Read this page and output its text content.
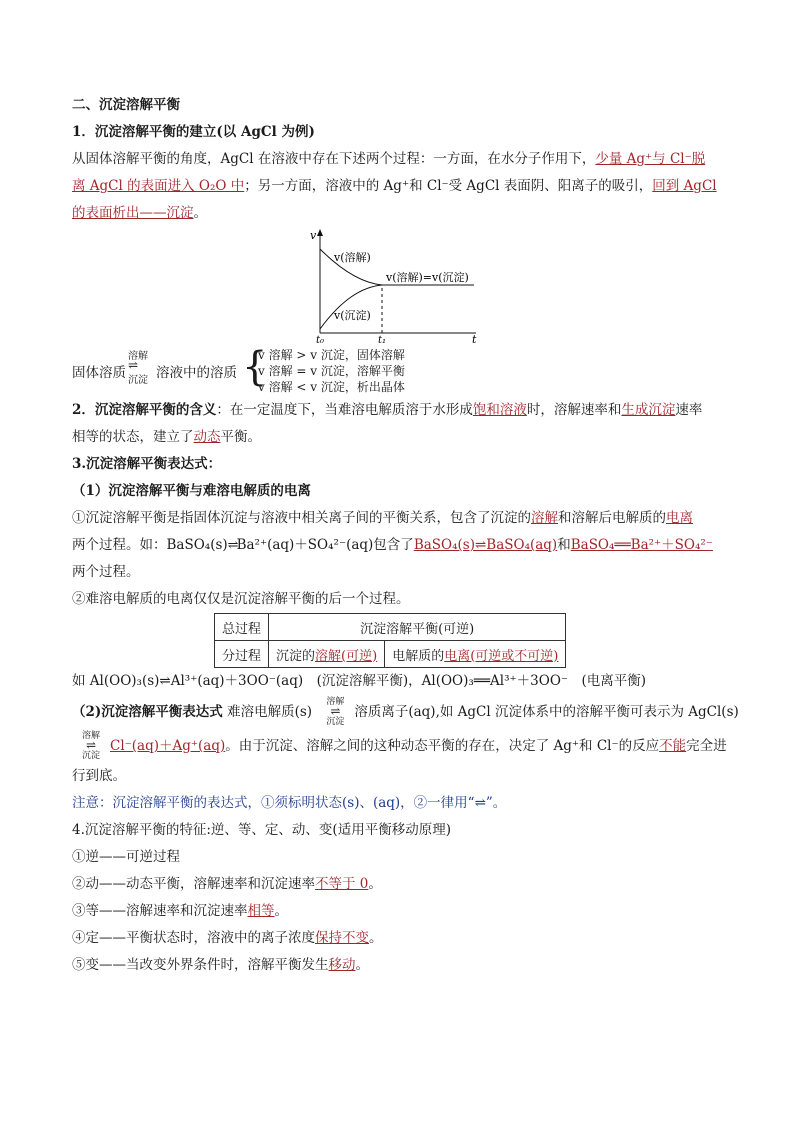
二、沉淀溶解平衡
1．沉淀溶解平衡的建立(以 AgCl 为例)
从固体溶解平衡的角度，AgCl 在溶液中存在下述两个过程：一方面，在水分子作用下，少量 Ag⁺与 Cl⁻脱
离 AgCl 的表面进入 O₂O 中；另一方面，溶液中的 Ag⁺和 Cl⁻受 AgCl 表面阴、阳离子的吸引，回到 AgCl
的表面析出——沉淀。
v
t
t₀	t₁
v(溶解)
v(沉淀)
v(溶解)=v(沉淀)
固体溶质
溶解
沉淀
⇌ 溶液中的溶质 {
v 溶解 > v 沉淀，固体溶解
v 溶解 = v 沉淀，溶解平衡
v 溶解 < v 沉淀，析出晶体
2．沉淀溶解平衡的含义：在一定温度下，当难溶电解质溶于水形成饱和溶液时，溶解速率和生成沉淀速率
相等的状态，建立了动态平衡。
3.沉淀溶解平衡表达式：
（1）沉淀溶解平衡与难溶电解质的电离
①沉淀溶解平衡是指固体沉淀与溶液中相关离子间的平衡关系，包含了沉淀的溶解和溶解后电解质的电离
两个过程。如：BaSO₄(s)⇌Ba²⁺(aq)＋SO₄²⁻(aq)包含了BaSO₄(s)⇌BaSO₄(aq)和BaSO₄══Ba²⁺＋SO₄²⁻
两个过程。
②难溶电解质的电离仅仅是沉淀溶解平衡的后一个过程。
总过程	沉淀溶解平衡(可逆)	
分过程	沉淀的溶解(可逆)	电解质的电离(可逆或不可逆)
如 Al(OO)₃(s)⇌Al³⁺(aq)＋3OO⁻(aq)　(沉淀溶解平衡)，Al(OO)₃══Al³⁺＋3OO⁻　(电离平衡)
（2)沉淀溶解平衡表达式 难溶电解质(s) 溶解
⇌
沉淀溶质离子(aq),如 AgCl 沉淀体系中的溶解平衡可表示为 AgCl(s)
溶解
⇌
沉淀Cl⁻(aq)＋Ag⁺(aq)。由于沉淀、溶解之间的这种动态平衡的存在，决定了 Ag⁺和 Cl⁻的反应不能完全进
行到底。
注意：沉淀溶解平衡的表达式，①须标明状态(s)、(aq)，②一律用“⇌”。
4.沉淀溶解平衡的特征:逆、等、定、动、变(适用平衡移动原理)
①逆——可逆过程
②动——动态平衡，溶解速率和沉淀速率不等于 0。
③等——溶解速率和沉淀速率相等。
④定——平衡状态时，溶液中的离子浓度保持不变。
⑤变——当改变外界条件时，溶解平衡发生移动。
